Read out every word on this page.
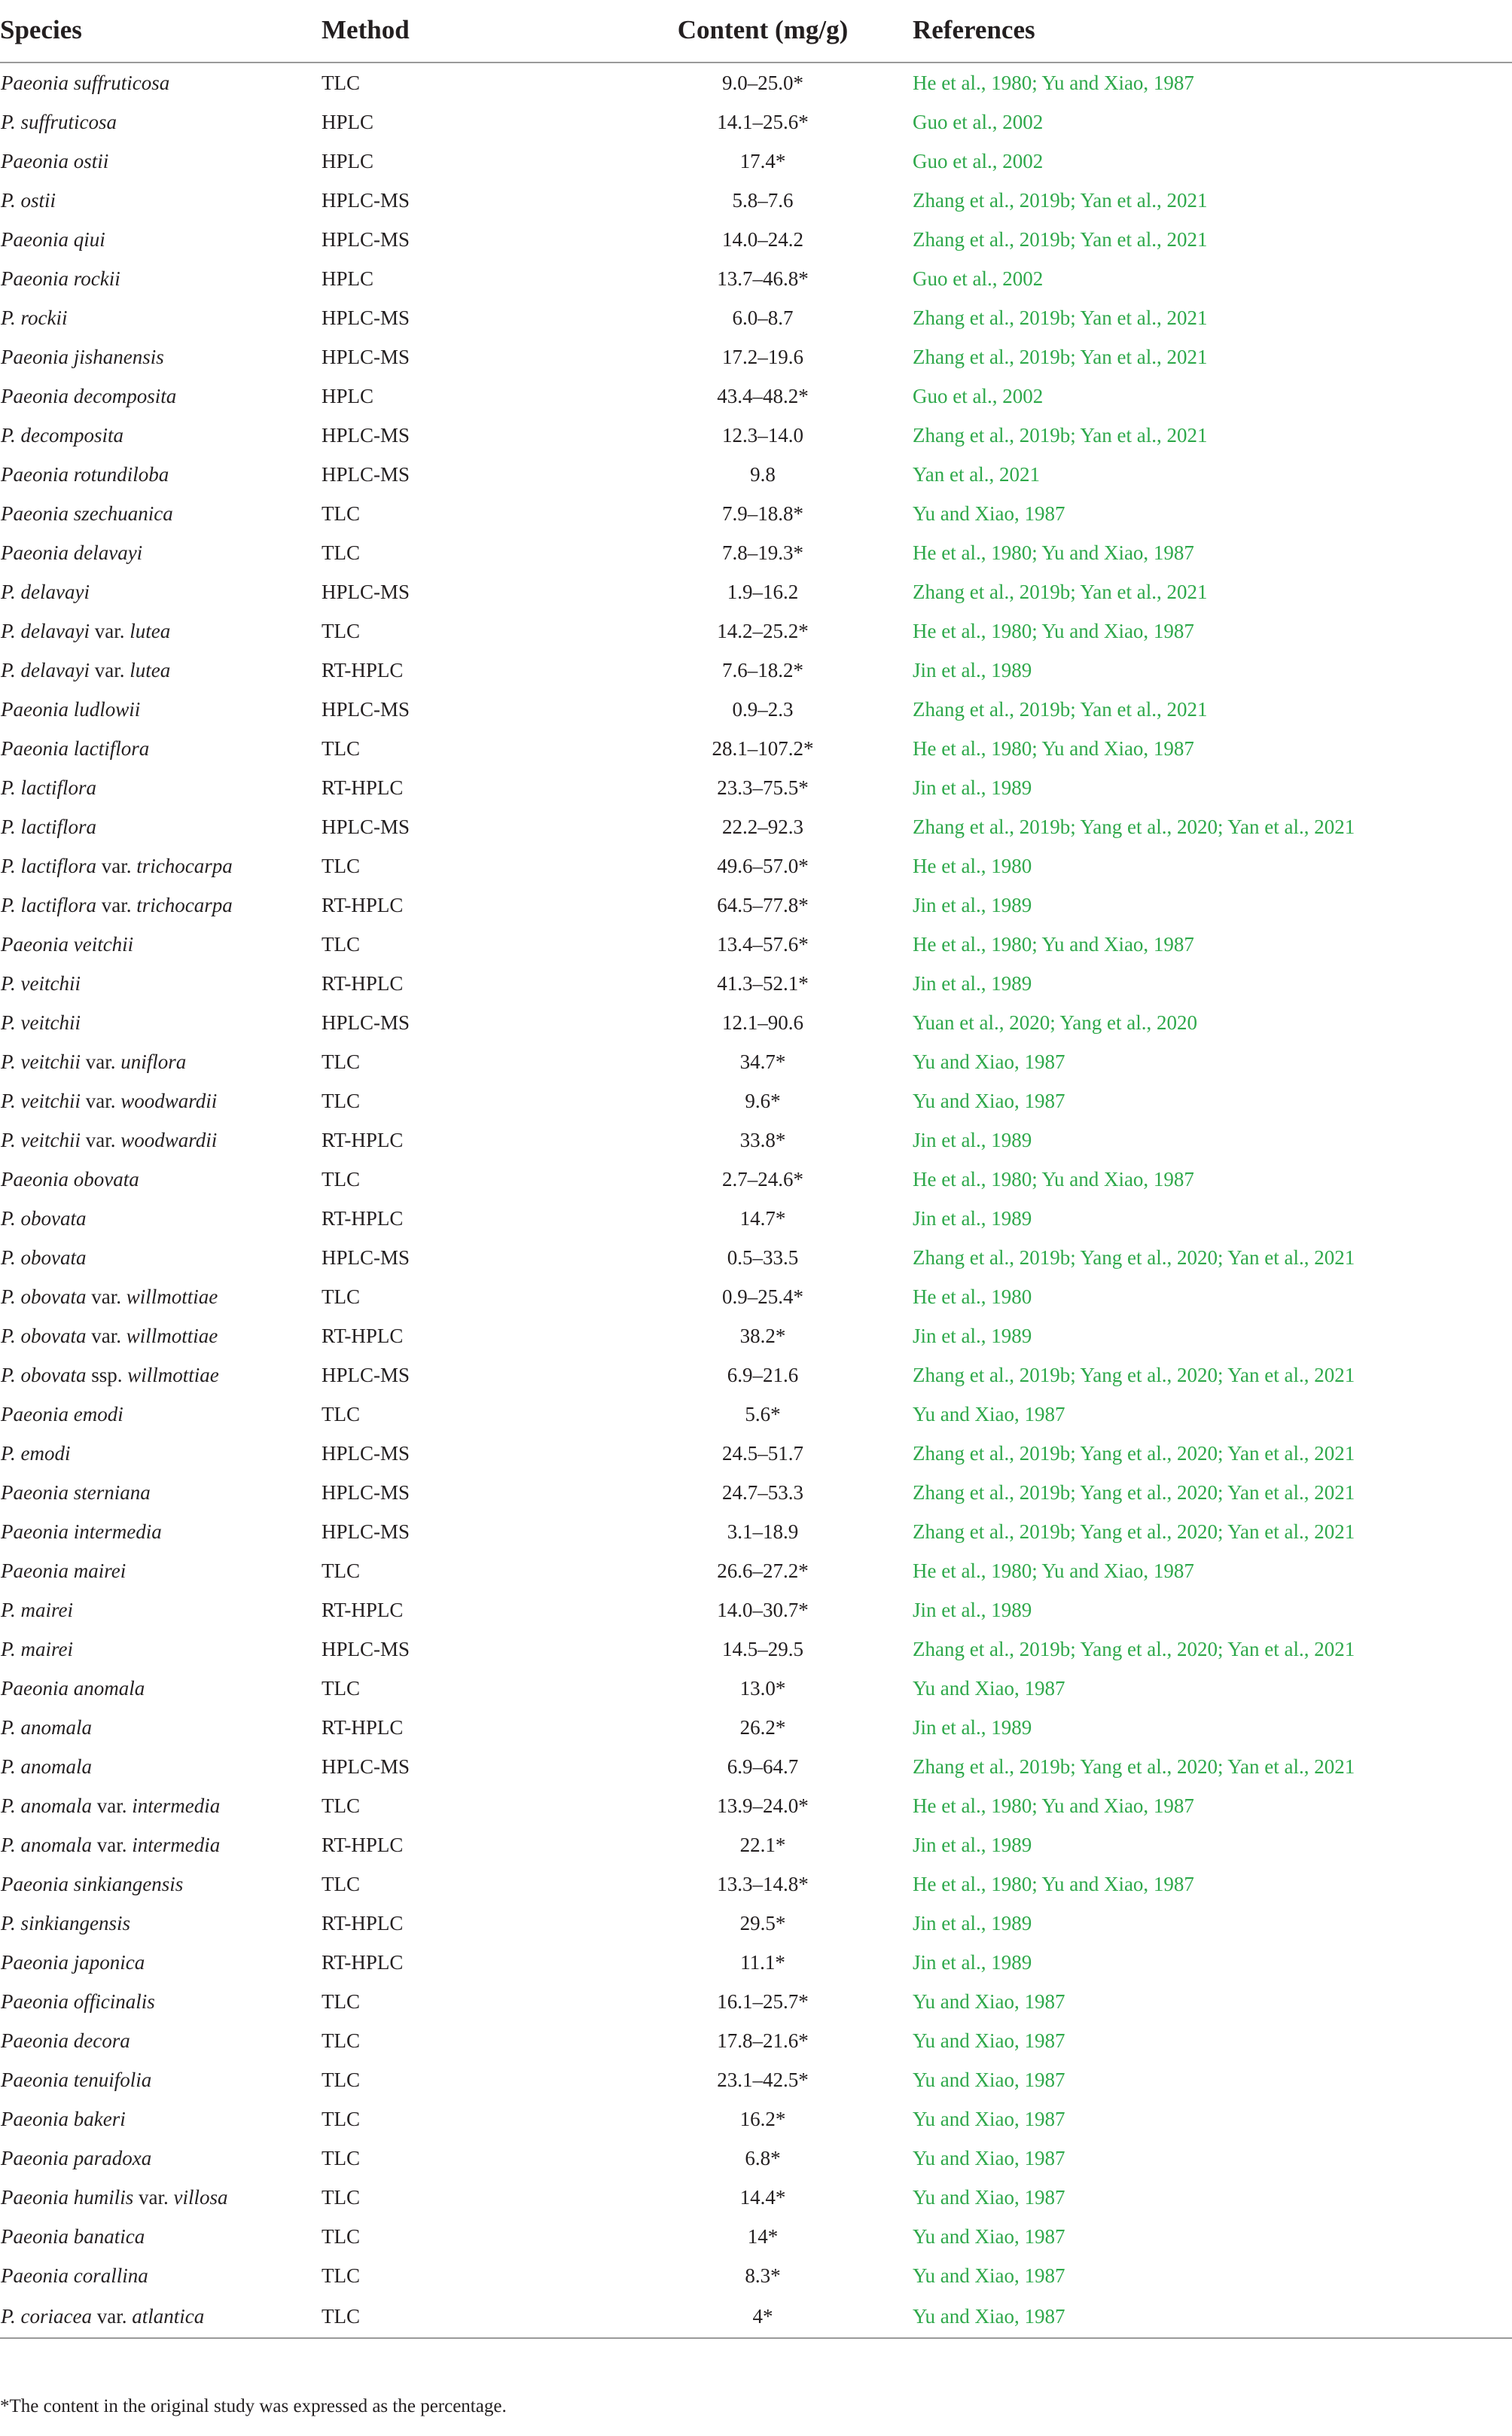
Species	Method	Content (mg/g)	References
Paeonia suffruticosa	TLC	9.0–25.0*	He et al., 1980; Yu and Xiao, 1987
P. suffruticosa	HPLC	14.1–25.6*	Guo et al., 2002
Paeonia ostii	HPLC	17.4*	Guo et al., 2002
P. ostii	HPLC-MS	5.8–7.6	Zhang et al., 2019b; Yan et al., 2021
Paeonia qiui	HPLC-MS	14.0–24.2	Zhang et al., 2019b; Yan et al., 2021
Paeonia rockii	HPLC	13.7–46.8*	Guo et al., 2002
P. rockii	HPLC-MS	6.0–8.7	Zhang et al., 2019b; Yan et al., 2021
Paeonia jishanensis	HPLC-MS	17.2–19.6	Zhang et al., 2019b; Yan et al., 2021
Paeonia decomposita	HPLC	43.4–48.2*	Guo et al., 2002
P. decomposita	HPLC-MS	12.3–14.0	Zhang et al., 2019b; Yan et al., 2021
Paeonia rotundiloba	HPLC-MS	9.8	Yan et al., 2021
Paeonia szechuanica	TLC	7.9–18.8*	Yu and Xiao, 1987
Paeonia delavayi	TLC	7.8–19.3*	He et al., 1980; Yu and Xiao, 1987
P. delavayi	HPLC-MS	1.9–16.2	Zhang et al., 2019b; Yan et al., 2021
P. delavayi var. lutea	TLC	14.2–25.2*	He et al., 1980; Yu and Xiao, 1987
P. delavayi var. lutea	RT-HPLC	7.6–18.2*	Jin et al., 1989
Paeonia ludlowii	HPLC-MS	0.9–2.3	Zhang et al., 2019b; Yan et al., 2021
Paeonia lactiflora	TLC	28.1–107.2*	He et al., 1980; Yu and Xiao, 1987
P. lactiflora	RT-HPLC	23.3–75.5*	Jin et al., 1989
P. lactiflora	HPLC-MS	22.2–92.3	Zhang et al., 2019b; Yang et al., 2020; Yan et al., 2021
P. lactiflora var. trichocarpa	TLC	49.6–57.0*	He et al., 1980
P. lactiflora var. trichocarpa	RT-HPLC	64.5–77.8*	Jin et al., 1989
Paeonia veitchii	TLC	13.4–57.6*	He et al., 1980; Yu and Xiao, 1987
P. veitchii	RT-HPLC	41.3–52.1*	Jin et al., 1989
P. veitchii	HPLC-MS	12.1–90.6	Yuan et al., 2020; Yang et al., 2020
P. veitchii var. uniflora	TLC	34.7*	Yu and Xiao, 1987
P. veitchii var. woodwardii	TLC	9.6*	Yu and Xiao, 1987
P. veitchii var. woodwardii	RT-HPLC	33.8*	Jin et al., 1989
Paeonia obovata	TLC	2.7–24.6*	He et al., 1980; Yu and Xiao, 1987
P. obovata	RT-HPLC	14.7*	Jin et al., 1989
P. obovata	HPLC-MS	0.5–33.5	Zhang et al., 2019b; Yang et al., 2020; Yan et al., 2021
P. obovata var. willmottiae	TLC	0.9–25.4*	He et al., 1980
P. obovata var. willmottiae	RT-HPLC	38.2*	Jin et al., 1989
P. obovata ssp. willmottiae	HPLC-MS	6.9–21.6	Zhang et al., 2019b; Yang et al., 2020; Yan et al., 2021
Paeonia emodi	TLC	5.6*	Yu and Xiao, 1987
P. emodi	HPLC-MS	24.5–51.7	Zhang et al., 2019b; Yang et al., 2020; Yan et al., 2021
Paeonia sterniana	HPLC-MS	24.7–53.3	Zhang et al., 2019b; Yang et al., 2020; Yan et al., 2021
Paeonia intermedia	HPLC-MS	3.1–18.9	Zhang et al., 2019b; Yang et al., 2020; Yan et al., 2021
Paeonia mairei	TLC	26.6–27.2*	He et al., 1980; Yu and Xiao, 1987
P. mairei	RT-HPLC	14.0–30.7*	Jin et al., 1989
P. mairei	HPLC-MS	14.5–29.5	Zhang et al., 2019b; Yang et al., 2020; Yan et al., 2021
Paeonia anomala	TLC	13.0*	Yu and Xiao, 1987
P. anomala	RT-HPLC	26.2*	Jin et al., 1989
P. anomala	HPLC-MS	6.9–64.7	Zhang et al., 2019b; Yang et al., 2020; Yan et al., 2021
P. anomala var. intermedia	TLC	13.9–24.0*	He et al., 1980; Yu and Xiao, 1987
P. anomala var. intermedia	RT-HPLC	22.1*	Jin et al., 1989
Paeonia sinkiangensis	TLC	13.3–14.8*	He et al., 1980; Yu and Xiao, 1987
P. sinkiangensis	RT-HPLC	29.5*	Jin et al., 1989
Paeonia japonica	RT-HPLC	11.1*	Jin et al., 1989
Paeonia officinalis	TLC	16.1–25.7*	Yu and Xiao, 1987
Paeonia decora	TLC	17.8–21.6*	Yu and Xiao, 1987
Paeonia tenuifolia	TLC	23.1–42.5*	Yu and Xiao, 1987
Paeonia bakeri	TLC	16.2*	Yu and Xiao, 1987
Paeonia paradoxa	TLC	6.8*	Yu and Xiao, 1987
Paeonia humilis var. villosa	TLC	14.4*	Yu and Xiao, 1987
Paeonia banatica	TLC	14*	Yu and Xiao, 1987
Paeonia corallina	TLC	8.3*	Yu and Xiao, 1987
P. coriacea var. atlantica	TLC	4*	Yu and Xiao, 1987
*The content in the original study was expressed as the percentage.
